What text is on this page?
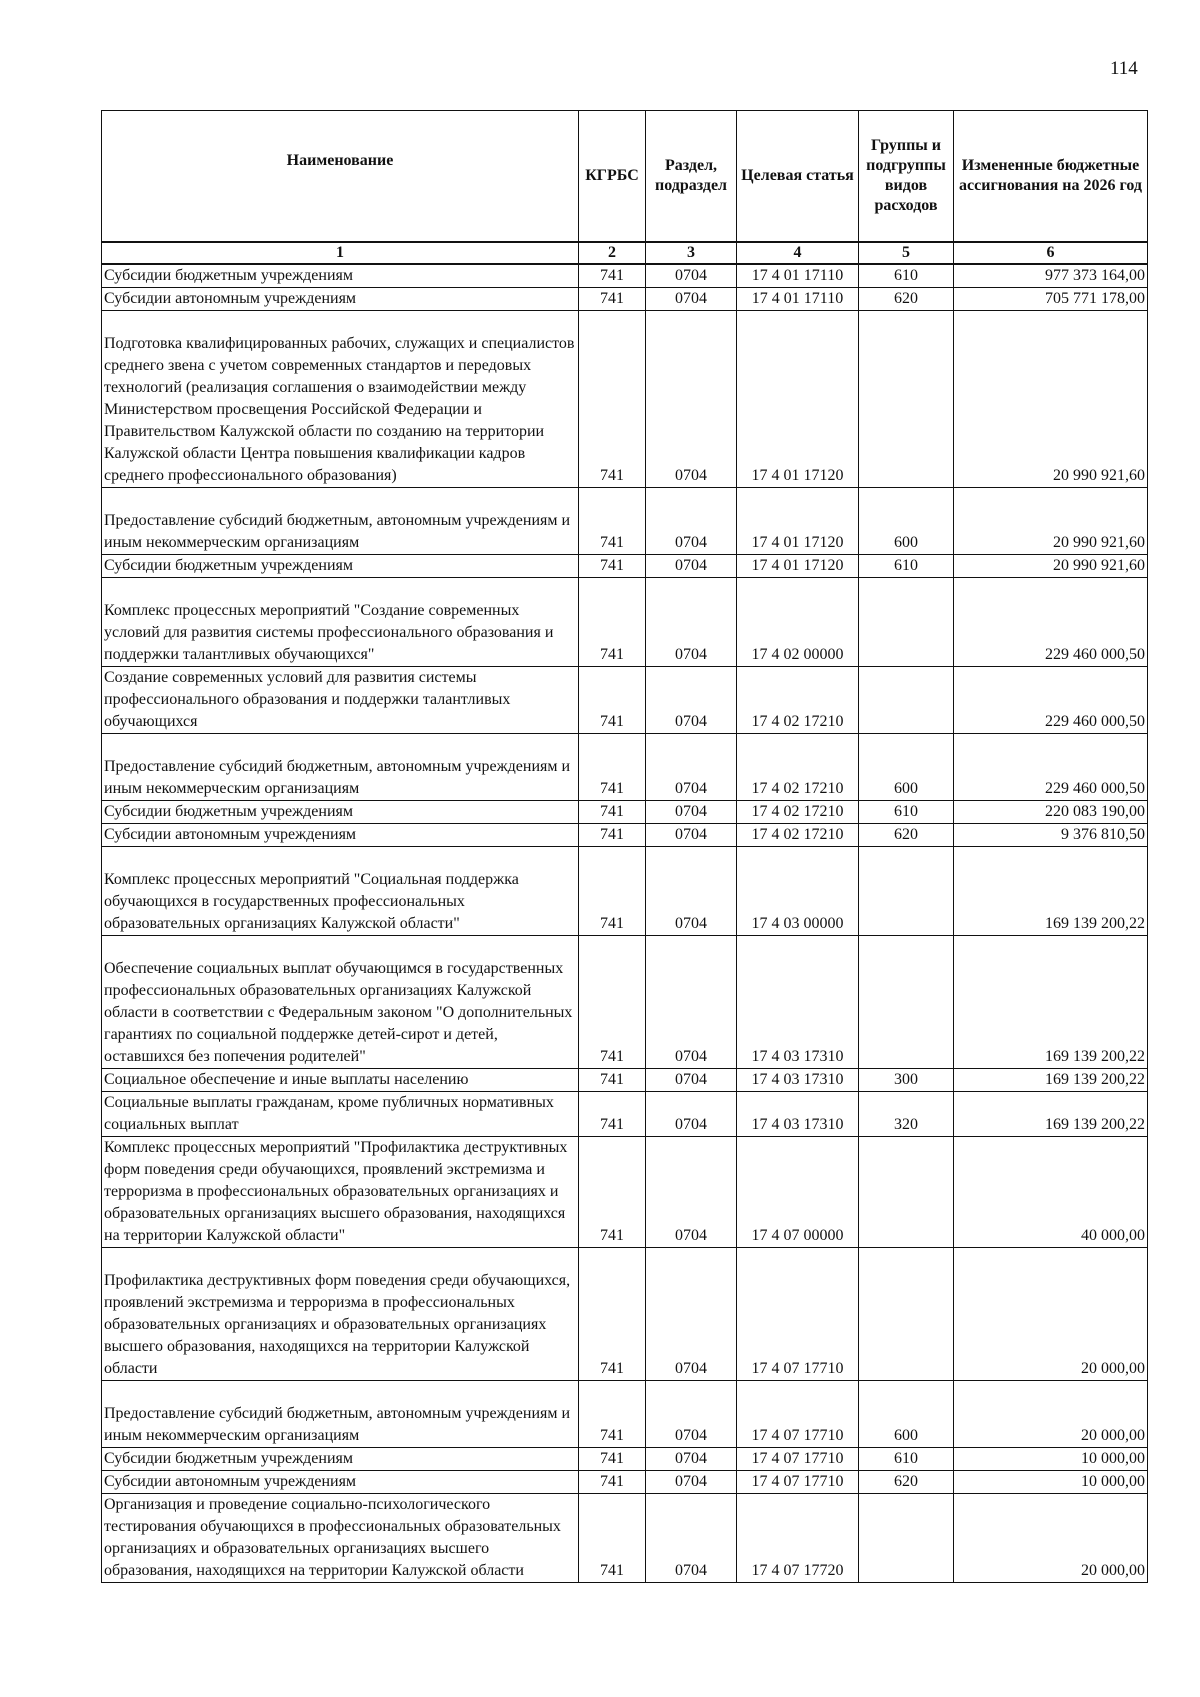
114
Наименование	КГРБС	Раздел, подраздел	Целевая статья	Группы и подгруппы видов расходов	Измененные бюджетные ассигнования на 2026 год
1	2	3	4	5	6
Субсидии бюджетным учреждениям	741	0704	17 4 01 17110	610	977 373 164,00
Субсидии автономным учреждениям	741	0704	17 4 01 17110	620	705 771 178,00

Подготовка квалифицированных рабочих, служащих и специалистов среднего звена с учетом современных стандартов и передовых технологий (реализация соглашения о взаимодействии между Министерством просвещения Российской Федерации и Правительством Калужской области по созданию на территории Калужской области Центра повышения квалификации кадров среднего профессионального образования)	741	0704	17 4 01 17120		20 990 921,60

Предоставление субсидий бюджетным, автономным учреждениям и иным некоммерческим организациям	741	0704	17 4 01 17120	600	20 990 921,60
Субсидии бюджетным учреждениям	741	0704	17 4 01 17120	610	20 990 921,60

Комплекс процессных мероприятий "Создание современных условий для развития системы профессионального образования и поддержки талантливых обучающихся"	741	0704	17 4 02 00000		229 460 000,50
Создание современных условий для развития системы профессионального образования и поддержки талантливых обучающихся	741	0704	17 4 02 17210		229 460 000,50

Предоставление субсидий бюджетным, автономным учреждениям и иным некоммерческим организациям	741	0704	17 4 02 17210	600	229 460 000,50
Субсидии бюджетным учреждениям	741	0704	17 4 02 17210	610	220 083 190,00
Субсидии автономным учреждениям	741	0704	17 4 02 17210	620	9 376 810,50

Комплекс процессных мероприятий "Социальная поддержка обучающихся в государственных профессиональных образовательных организациях Калужской области"	741	0704	17 4 03 00000		169 139 200,22

Обеспечение социальных выплат обучающимся в государственных профессиональных образовательных организациях Калужской области в соответствии с Федеральным законом "О дополнительных гарантиях по социальной поддержке детей-сирот и детей, оставшихся без попечения родителей"	741	0704	17 4 03 17310		169 139 200,22
Социальное обеспечение и иные выплаты населению	741	0704	17 4 03 17310	300	169 139 200,22
Социальные выплаты гражданам, кроме публичных нормативных социальных выплат	741	0704	17 4 03 17310	320	169 139 200,22
Комплекс процессных мероприятий "Профилактика деструктивных форм поведения среди обучающихся, проявлений экстремизма и терроризма в профессиональных образовательных организациях и образовательных организациях высшего образования, находящихся на территории Калужской области"	741	0704	17 4 07 00000		40 000,00

Профилактика деструктивных форм поведения среди обучающихся, проявлений экстремизма и терроризма в профессиональных образовательных организациях и образовательных организациях высшего образования, находящихся на территории Калужской области	741	0704	17 4 07 17710		20 000,00

Предоставление субсидий бюджетным, автономным учреждениям и иным некоммерческим организациям	741	0704	17 4 07 17710	600	20 000,00
Субсидии бюджетным учреждениям	741	0704	17 4 07 17710	610	10 000,00
Субсидии автономным учреждениям	741	0704	17 4 07 17710	620	10 000,00
Организация и проведение социально-психологического тестирования обучающихся в профессиональных образовательных организациях и образовательных организациях высшего образования, находящихся на территории Калужской области	741	0704	17 4 07 17720		20 000,00
